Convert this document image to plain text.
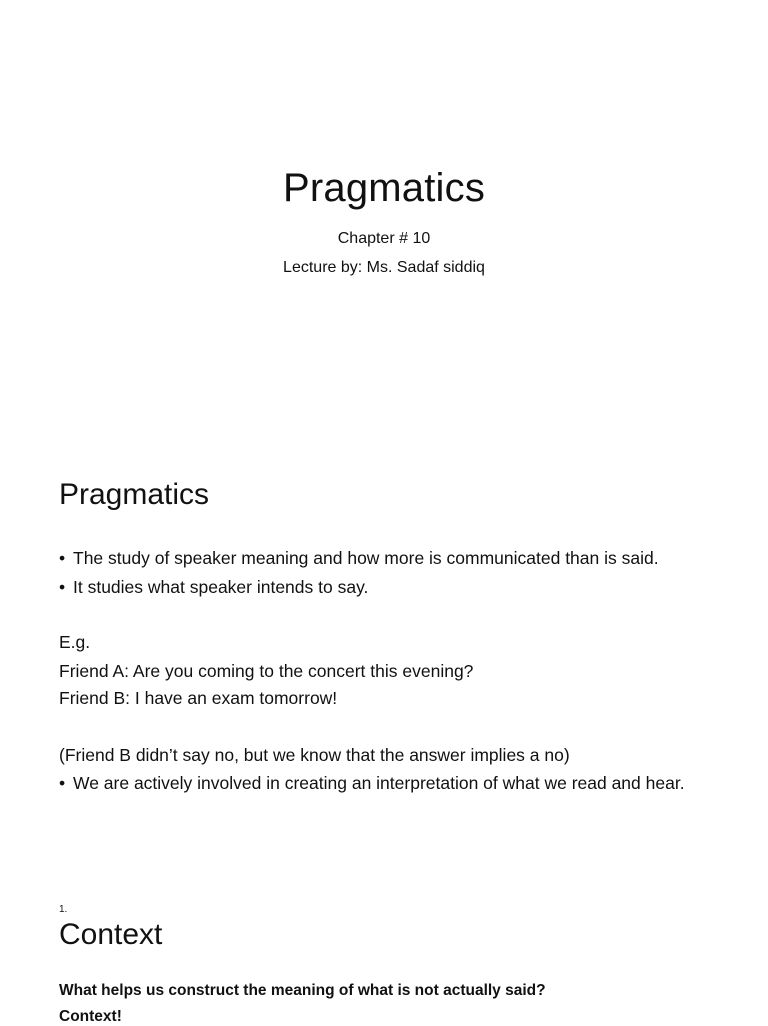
Pragmatics
Chapter # 10
Lecture by: Ms. Sadaf siddiq
Pragmatics
• The study of speaker meaning and how more is communicated than is said.
• It studies what speaker intends to say.
E.g.
Friend A: Are you coming to the concert this evening?
Friend B: I have an exam tomorrow!
(Friend B didn’t say no, but we know that the answer implies a no)
• We are actively involved in creating an interpretation of what we read and hear.
1.
Context
What helps us construct the meaning of what is not actually said?
Context!
